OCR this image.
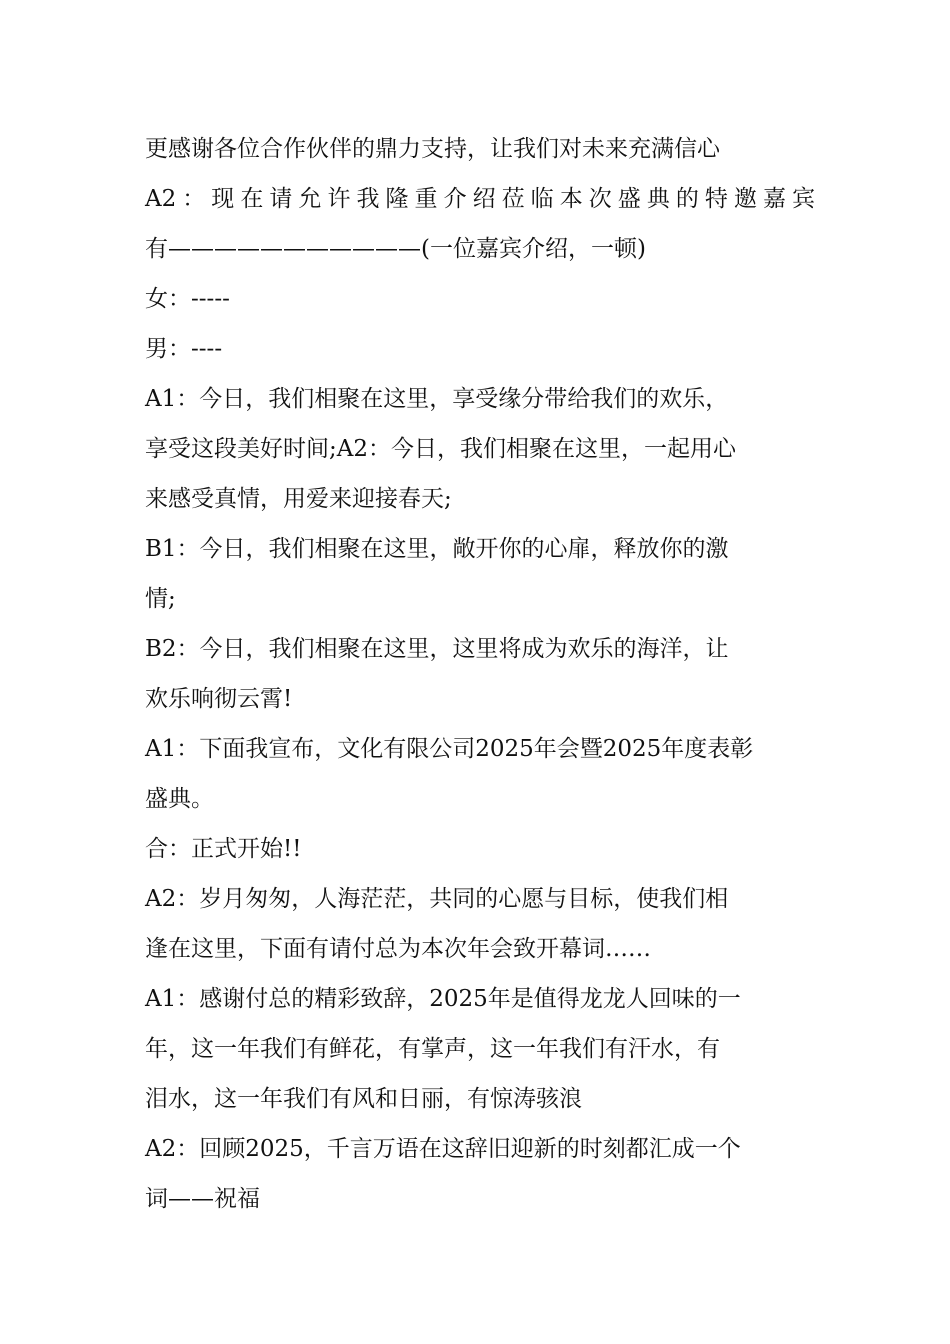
更感谢各位合作伙伴的鼎力支持，让我们对未来充满信心
A2：现在请允许我隆重介绍莅临本次盛典的特邀嘉宾
有———————————(一位嘉宾介绍，一顿)
女：-----
男：----
A1：今日，我们相聚在这里，享受缘分带给我们的欢乐，
享受这段美好时间;A2：今日，我们相聚在这里，一起用心
来感受真情，用爱来迎接春天;
B1：今日，我们相聚在这里，敞开你的心扉，释放你的激
情;
B2：今日，我们相聚在这里，这里将成为欢乐的海洋，让
欢乐响彻云霄!
A1：下面我宣布，文化有限公司2025年会暨2025年度表彰
盛典。
合：正式开始!!
A2：岁月匆匆，人海茫茫，共同的心愿与目标，使我们相
逢在这里，下面有请付总为本次年会致开幕词……
A1：感谢付总的精彩致辞，2025年是值得龙龙人回味的一
年，这一年我们有鲜花，有掌声，这一年我们有汗水，有
泪水，这一年我们有风和日丽，有惊涛骇浪
A2：回顾2025，千言万语在这辞旧迎新的时刻都汇成一个
词——祝福
